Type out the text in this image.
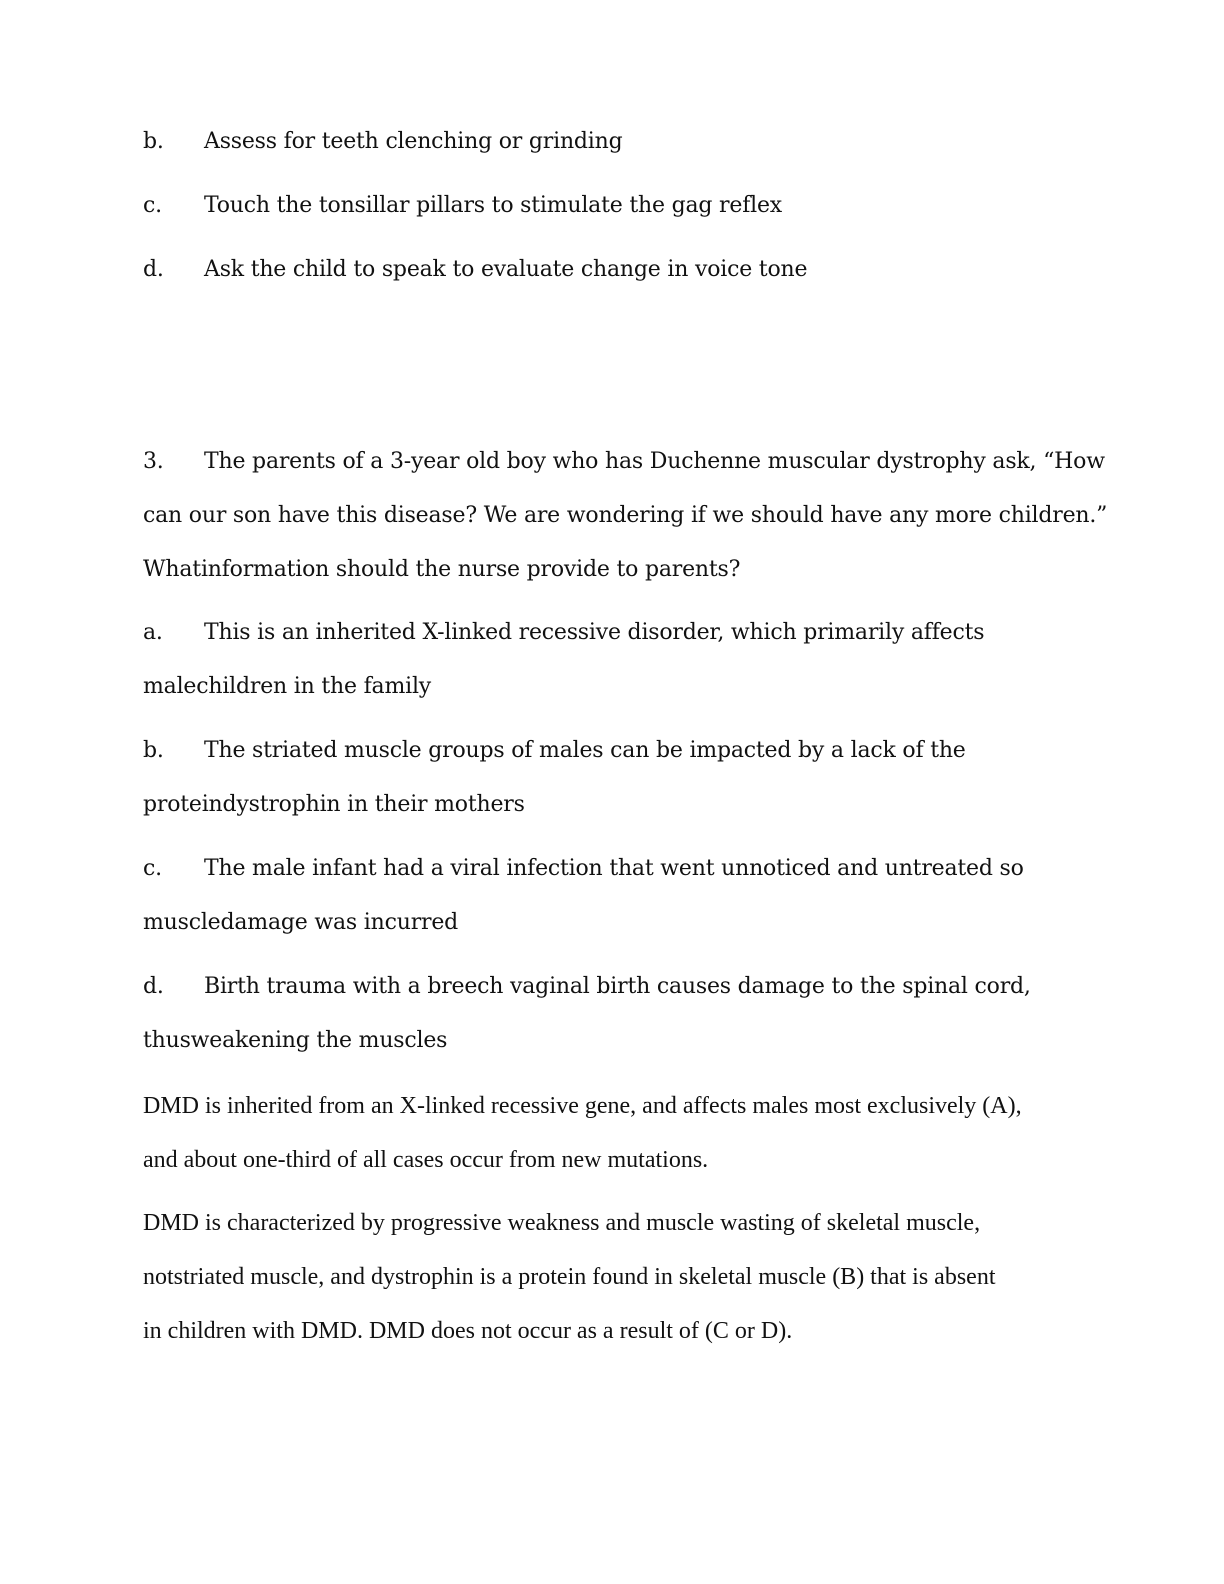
b. Assess for teeth clenching or grinding
c. Touch the tonsillar pillars to stimulate the gag reflex
d. Ask the child to speak to evaluate change in voice tone
3. The parents of a 3-year old boy who has Duchenne muscular dystrophy ask, “How
can our son have this disease? We are wondering if we should have any more children.”
Whatinformation should the nurse provide to parents?
a. This is an inherited X-linked recessive disorder, which primarily affects
malechildren in the family
b. The striated muscle groups of males can be impacted by a lack of the
proteindystrophin in their mothers
c. The male infant had a viral infection that went unnoticed and untreated so
muscledamage was incurred
d. Birth trauma with a breech vaginal birth causes damage to the spinal cord,
thusweakening the muscles
DMD is inherited from an X-linked recessive gene, and affects males most exclusively (A),
and about one-third of all cases occur from new mutations.
DMD is characterized by progressive weakness and muscle wasting of skeletal muscle,
notstriated muscle, and dystrophin is a protein found in skeletal muscle (B) that is absent
in children with DMD. DMD does not occur as a result of (C or D).
